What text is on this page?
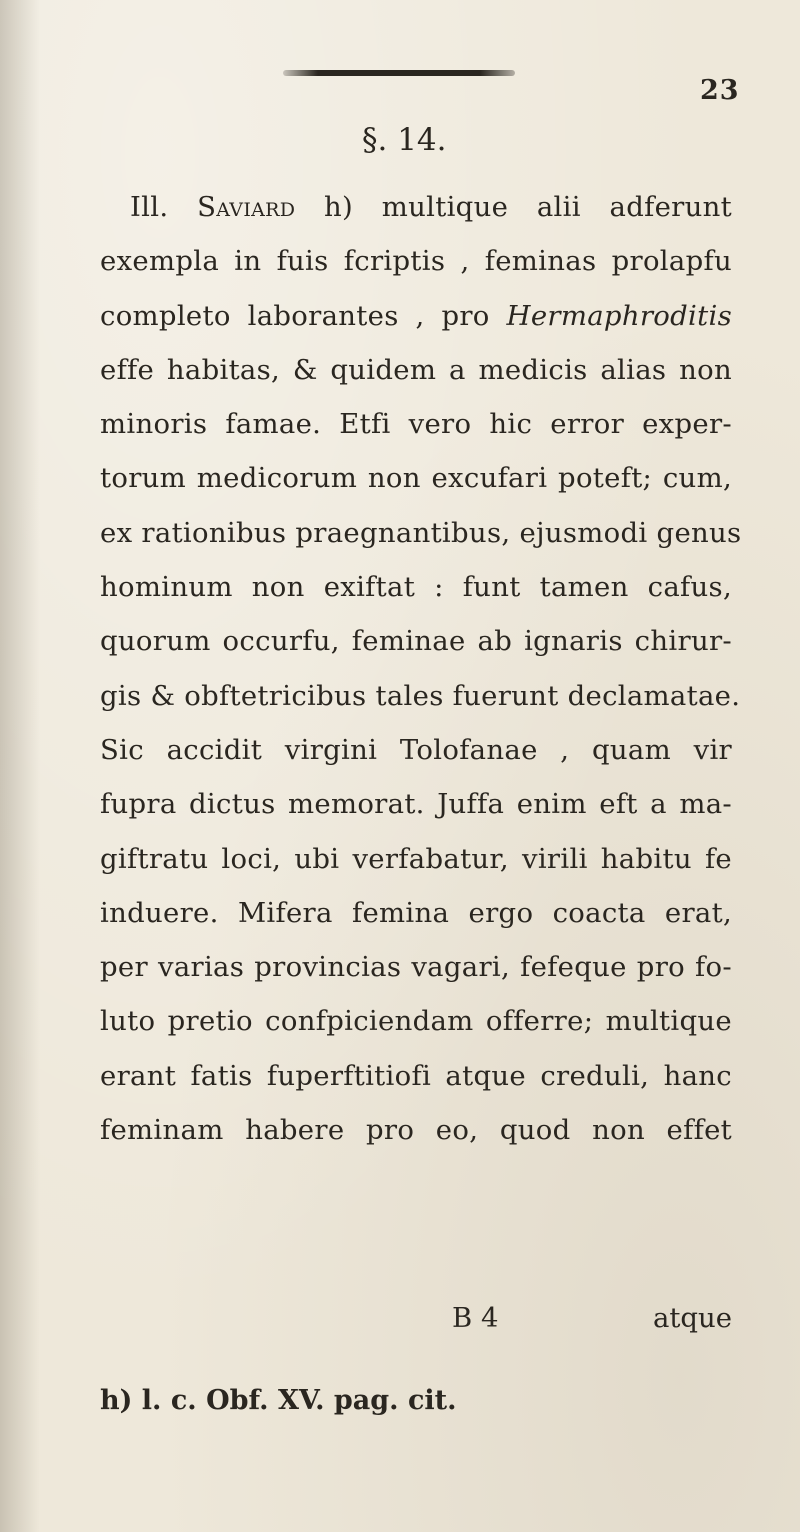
23
§. 14.
Ill. Saviard h) multique alii adferunt
exempla in fuis fcriptis , feminas prolapfu
completo laborantes , pro Hermaphroditis
effe habitas, & quidem a medicis alias non
minoris famae. Etfi vero hic error exper-
torum medicorum non excufari poteft; cum,
ex rationibus praegnantibus, ejusmodi genus
hominum non exiftat : funt tamen cafus,
quorum occurfu, feminae ab ignaris chirur-
gis & obftetricibus tales fuerunt declamatae.
Sic accidit virgini Tolofanae , quam vir
fupra dictus memorat. Juffa enim eft a ma-
giftratu loci, ubi verfabatur, virili habitu fe
induere. Mifera femina ergo coacta erat,
per varias provincias vagari, fefeque pro fo-
luto pretio confpiciendam offerre; multique
erant fatis fuperftitiofi atque creduli, hanc
feminam habere pro eo, quod non effet
B 4	atque
h) l. c. Obf. XV. pag. cit.
